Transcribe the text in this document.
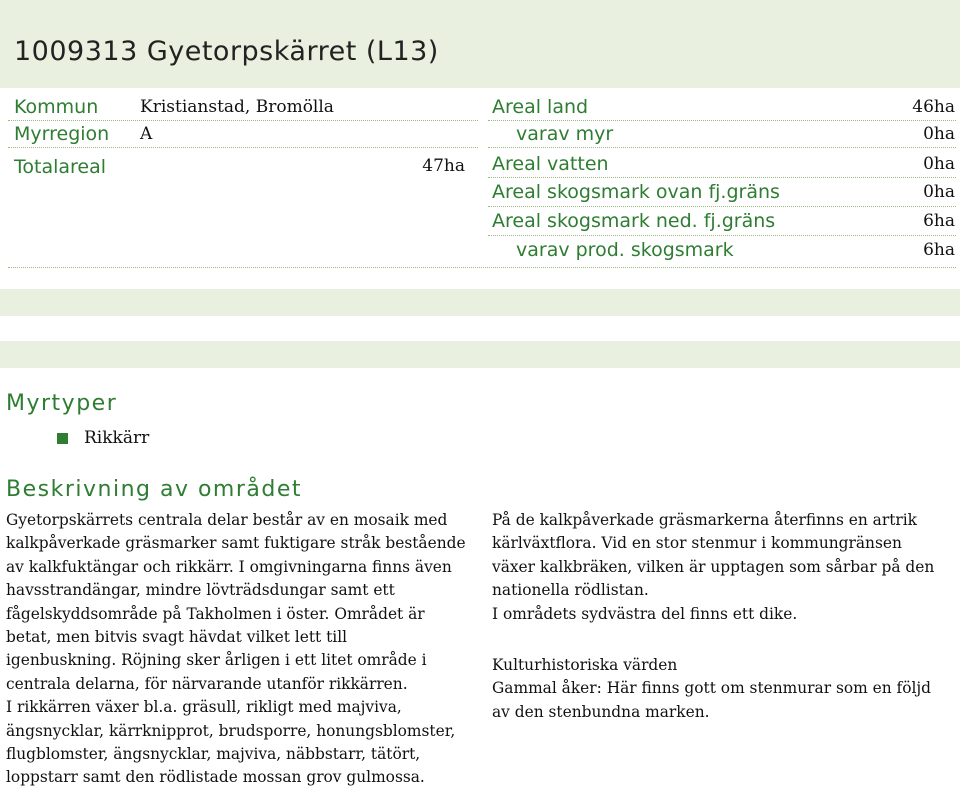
1009313 Gyetorpskärret (L13)
Kommun Kristianstad, Bromölla
Myrregion A
Totalareal	47ha
Areal land	46ha
varav myr	0ha
Areal vatten	0ha
Areal skogsmark ovan fj.gräns	0ha
Areal skogsmark ned. fj.gräns	6ha
varav prod. skogsmark	6ha
Myrtyper
Rikkärr
Beskrivning av området

Gyetorpskärrets centrala delar består av en mosaik med

kalkpåverkade gräsmarker samt fuktigare stråk bestående

av kalkfuktängar och rikkärr. I omgivningarna finns även

havsstrandängar, mindre lövträdsdungar samt ett

fågelskyddsområde på Takholmen i öster. Området är

betat, men bitvis svagt hävdat vilket lett till

igenbuskning. Röjning sker årligen i ett litet område i

centrala delarna, för närvarande utanför rikkärren.

I rikkärren växer bl.a. gräsull, rikligt med majviva,

ängsnycklar, kärrknipprot, brudsporre, honungsblomster,

flugblomster, ängsnycklar, majviva, näbbstarr, tätört,

loppstarr samt den rödlistade mossan grov gulmossa.

På de kalkpåverkade gräsmarkerna återfinns en artrik

kärlväxtflora. Vid en stor stenmur i kommungränsen

växer kalkbräken, vilken är upptagen som sårbar på den

nationella rödlistan.

I områdets sydvästra del finns ett dike.

Kulturhistoriska värden

Gammal åker: Här finns gott om stenmurar som en följd

av den stenbundna marken.
